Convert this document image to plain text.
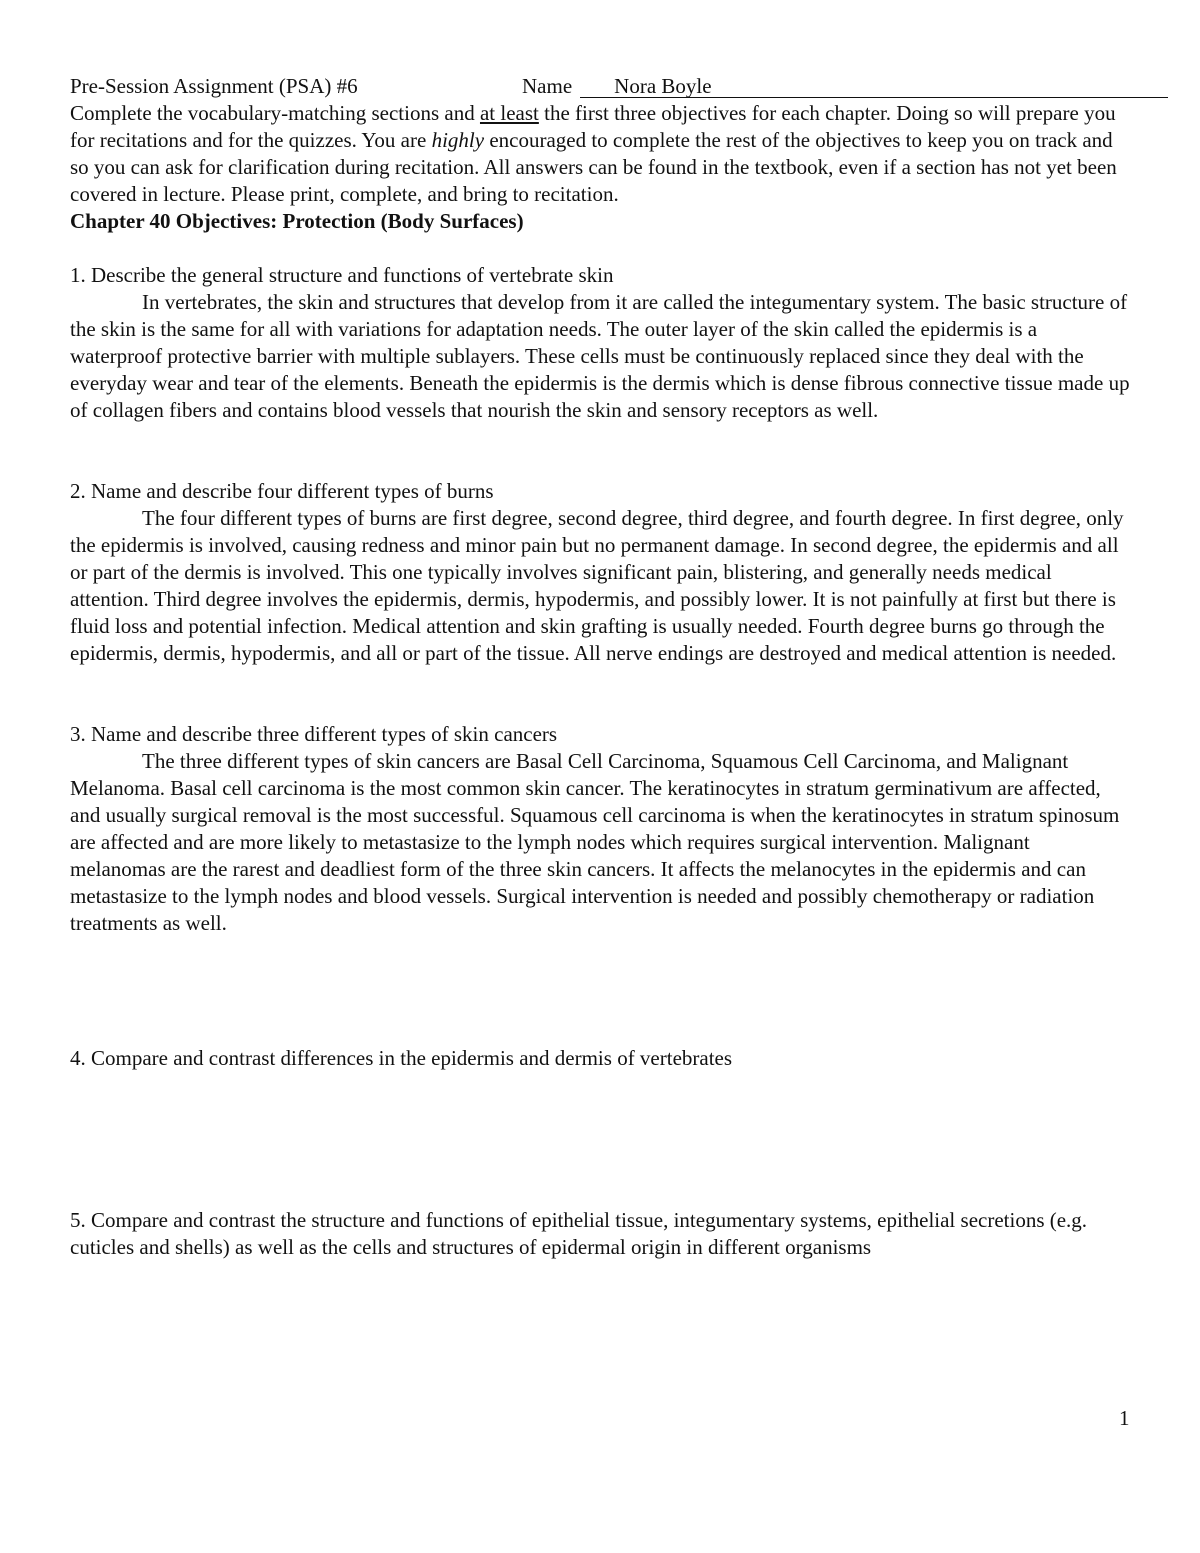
Pre-Session Assignment (PSA) #6	Name Nora Boyle

Complete the vocabulary-matching sections and at least the first three objectives for each chapter. Doing so will prepare you for recitations and for the quizzes. You are highly encouraged to complete the rest of the objectives to keep you on track and so you can ask for clarification during recitation. All answers can be found in the textbook, even if a section has not yet been covered in lecture. Please print, complete, and bring to recitation.

Chapter 40 Objectives: Protection (Body Surfaces)

1. Describe the general structure and functions of vertebrate skin

In vertebrates, the skin and structures that develop from it are called the integumentary system. The basic structure of the skin is the same for all with variations for adaptation needs. The outer layer of the skin called the epidermis is a waterproof protective barrier with multiple sublayers. These cells must be continuously replaced since they deal with the everyday wear and tear of the elements. Beneath the epidermis is the dermis which is dense fibrous connective tissue made up of collagen fibers and contains blood vessels that nourish the skin and sensory receptors as well.

2. Name and describe four different types of burns

The four different types of burns are first degree, second degree, third degree, and fourth degree. In first degree, only the epidermis is involved, causing redness and minor pain but no permanent damage. In second degree, the epidermis and all or part of the dermis is involved. This one typically involves significant pain, blistering, and generally needs medical attention. Third degree involves the epidermis, dermis, hypodermis, and possibly lower. It is not painfully at first but there is fluid loss and potential infection. Medical attention and skin grafting is usually needed. Fourth degree burns go through the epidermis, dermis, hypodermis, and all or part of the tissue. All nerve endings are destroyed and medical attention is needed.

3. Name and describe three different types of skin cancers

The three different types of skin cancers are Basal Cell Carcinoma, Squamous Cell Carcinoma, and Malignant Melanoma. Basal cell carcinoma is the most common skin cancer. The keratinocytes in stratum germinativum are affected, and usually surgical removal is the most successful. Squamous cell carcinoma is when the keratinocytes in stratum spinosum are affected and are more likely to metastasize to the lymph nodes which requires surgical intervention. Malignant melanomas are the rarest and deadliest form of the three skin cancers. It affects the melanocytes in the epidermis and can metastasize to the lymph nodes and blood vessels. Surgical intervention is needed and possibly chemotherapy or radiation treatments as well.

4. Compare and contrast differences in the epidermis and dermis of vertebrates

5. Compare and contrast the structure and functions of epithelial tissue, integumentary systems, epithelial secretions (e.g. cuticles and shells) as well as the cells and structures of epidermal origin in different organisms

1
